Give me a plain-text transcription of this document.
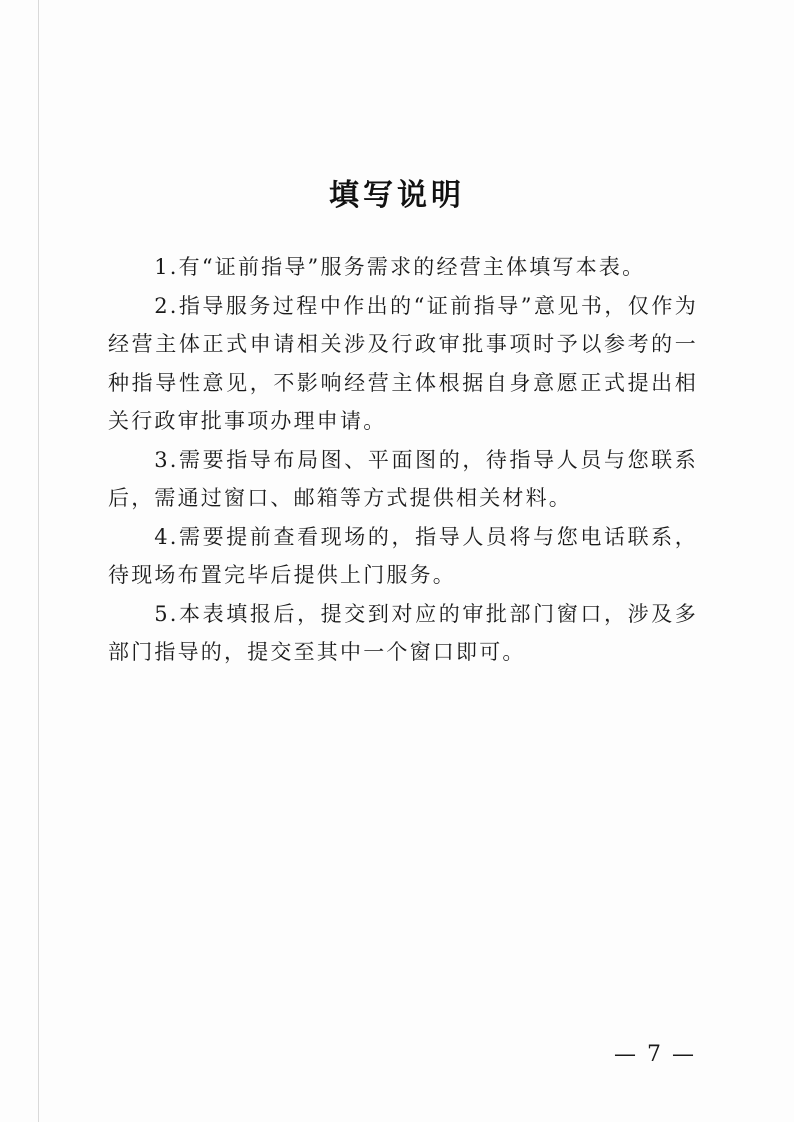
填写说明

1.有“证前指导”服务需求的经营主体填写本表。

2.指导服务过程中作出的“证前指导”意见书，仅作为经营主体正式申请相关涉及行政审批事项时予以参考的一种指导性意见，不影响经营主体根据自身意愿正式提出相关行政审批事项办理申请。

3.需要指导布局图、平面图的，待指导人员与您联系后，需通过窗口、邮箱等方式提供相关材料。

4.需要提前查看现场的，指导人员将与您电话联系，待现场布置完毕后提供上门服务。

5.本表填报后，提交到对应的审批部门窗口，涉及多部门指导的，提交至其中一个窗口即可。

— 7 —
